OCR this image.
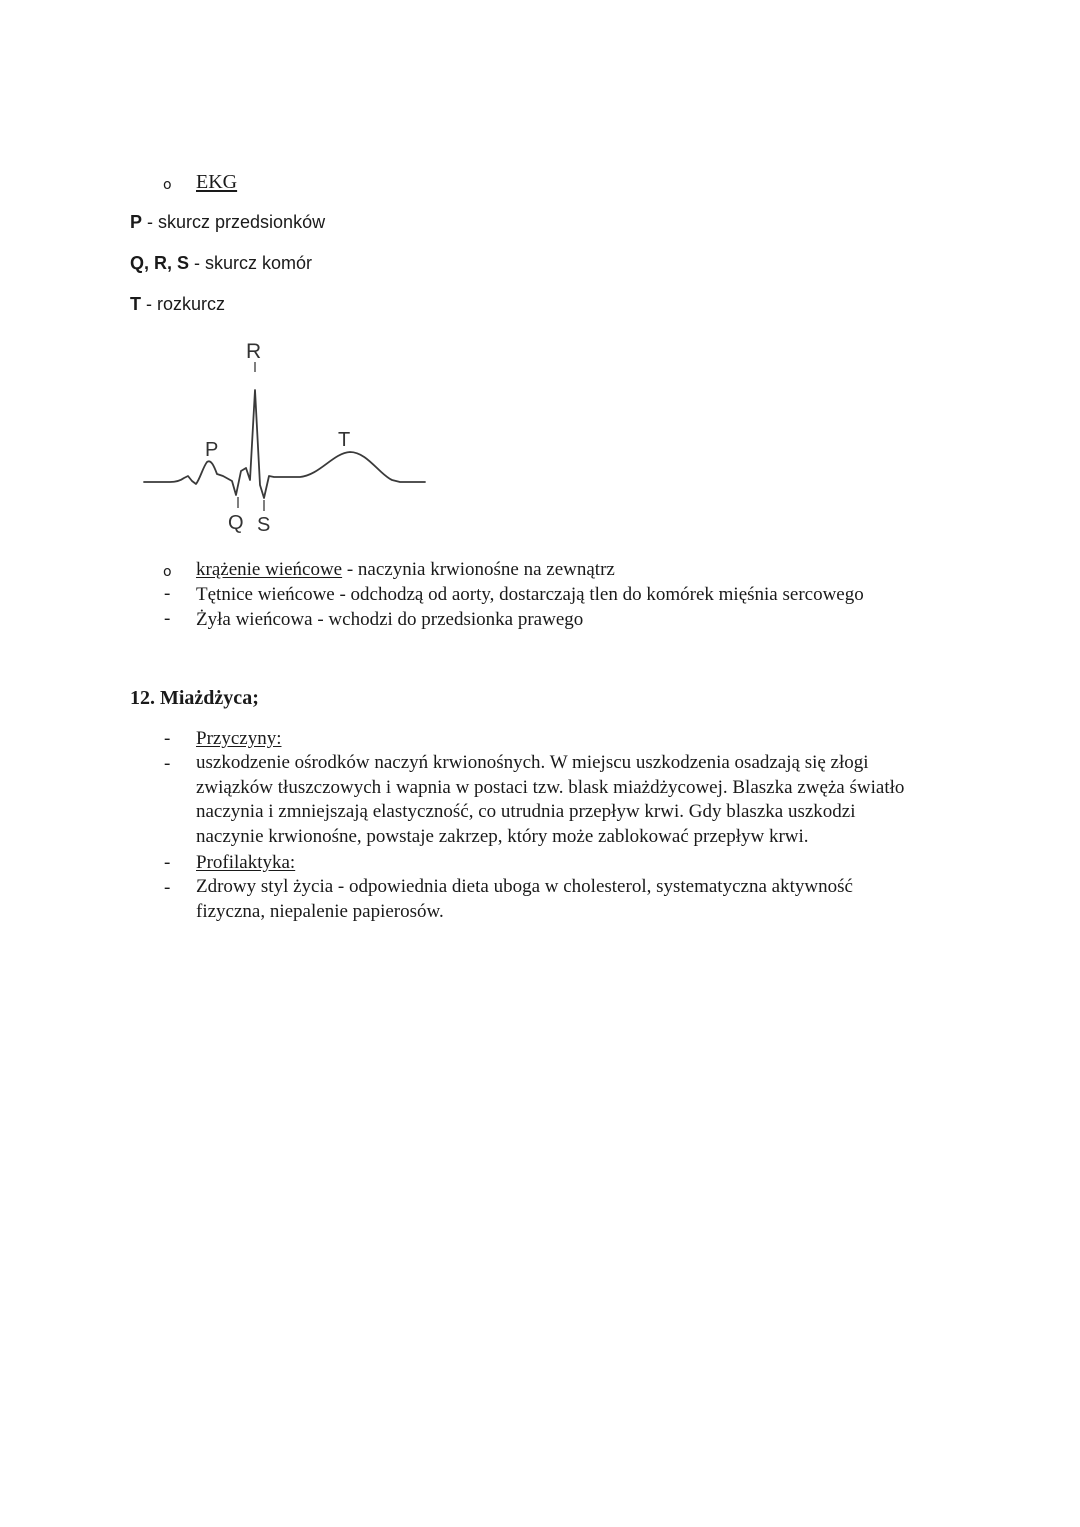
o EKG
P - skurcz przedsionków
Q, R, S - skurcz komór
T - rozkurcz
R
P	T
Q S
o krążenie wieńcowe - naczynia krwionośne na zewnątrz
- Tętnice wieńcowe - odchodzą od aorty, dostarczają tlen do komórek mięśnia sercowego
- Żyła wieńcowa - wchodzi do przedsionka prawego
12. Miażdżyca;
- Przyczyny:
- uszkodzenie ośrodków naczyń krwionośnych. W miejscu uszkodzenia osadzają się złogi
związków tłuszczowych i wapnia w postaci tzw. blask miażdżycowej. Blaszka zwęża światło
naczynia i zmniejszają elastyczność, co utrudnia przepływ krwi. Gdy blaszka uszkodzi
naczynie krwionośne, powstaje zakrzep, który może zablokować przepływ krwi.
- Profilaktyka:
- Zdrowy styl życia - odpowiednia dieta uboga w cholesterol, systematyczna aktywność
fizyczna, niepalenie papierosów.
